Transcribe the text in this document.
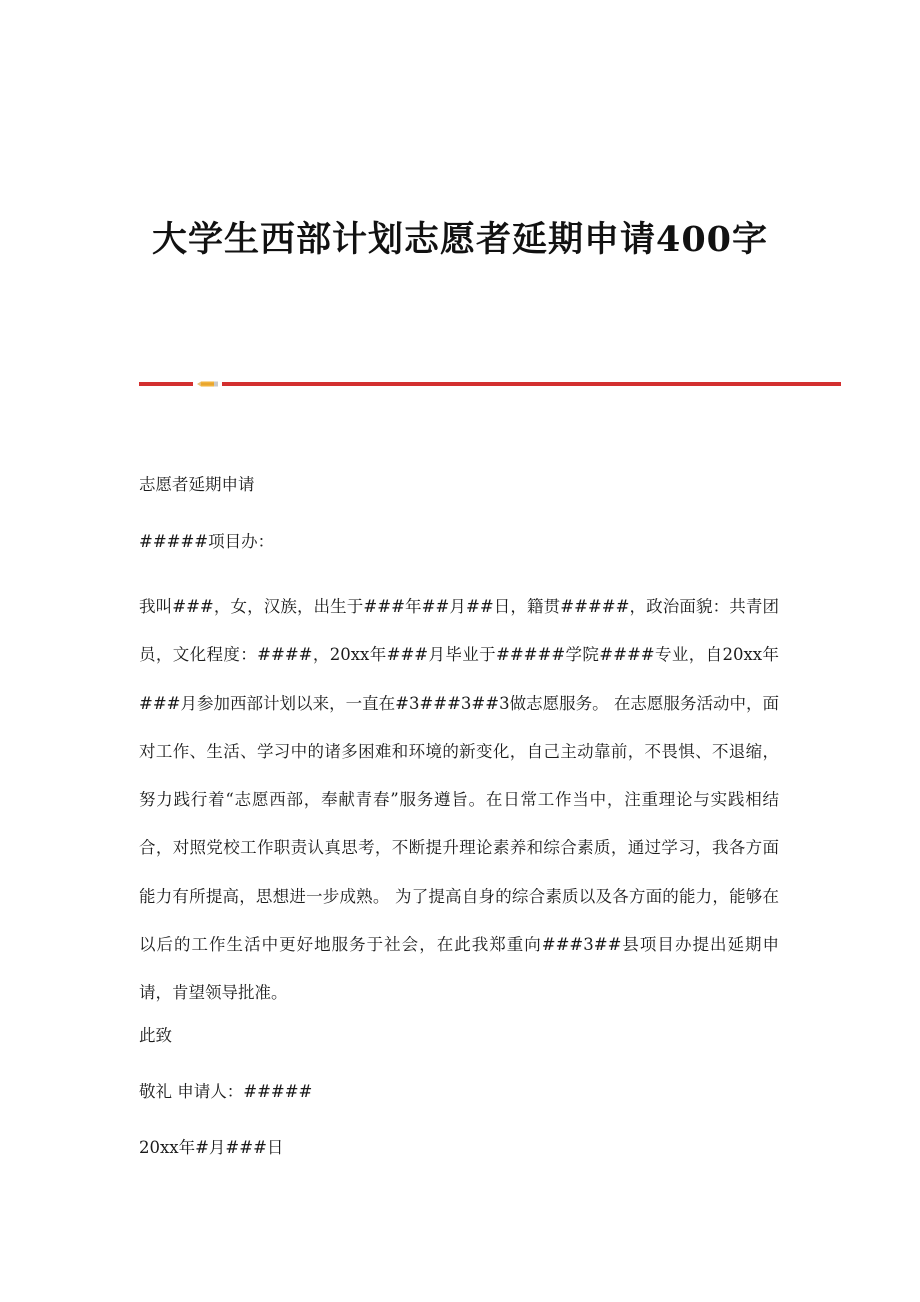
大学生西部计划志愿者延期申请400字
志愿者延期申请
#####项目办：
我叫###，女，汉族，出生于###年##月##日，籍贯#####，政治面貌：共青团员，文化程度：####，20xx年###月毕业于#####学院####专业，自20xx年###月参加西部计划以来，一直在#3###3##3做志愿服务。 在志愿服务活动中，面对工作、生活、学习中的诸多困难和环境的新变化，自己主动靠前，不畏惧、不退缩，努力践行着“志愿西部，奉献青春”服务遵旨。在日常工作当中，注重理论与实践相结合，对照党校工作职责认真思考，不断提升理论素养和综合素质，通过学习，我各方面能力有所提高，思想进一步成熟。 为了提高自身的综合素质以及各方面的能力，能够在以后的工作生活中更好地服务于社会，在此我郑重向###3##县项目办提出延期申请，肯望领导批准。
此致
敬礼 申请人：#####
20xx年#月###日
